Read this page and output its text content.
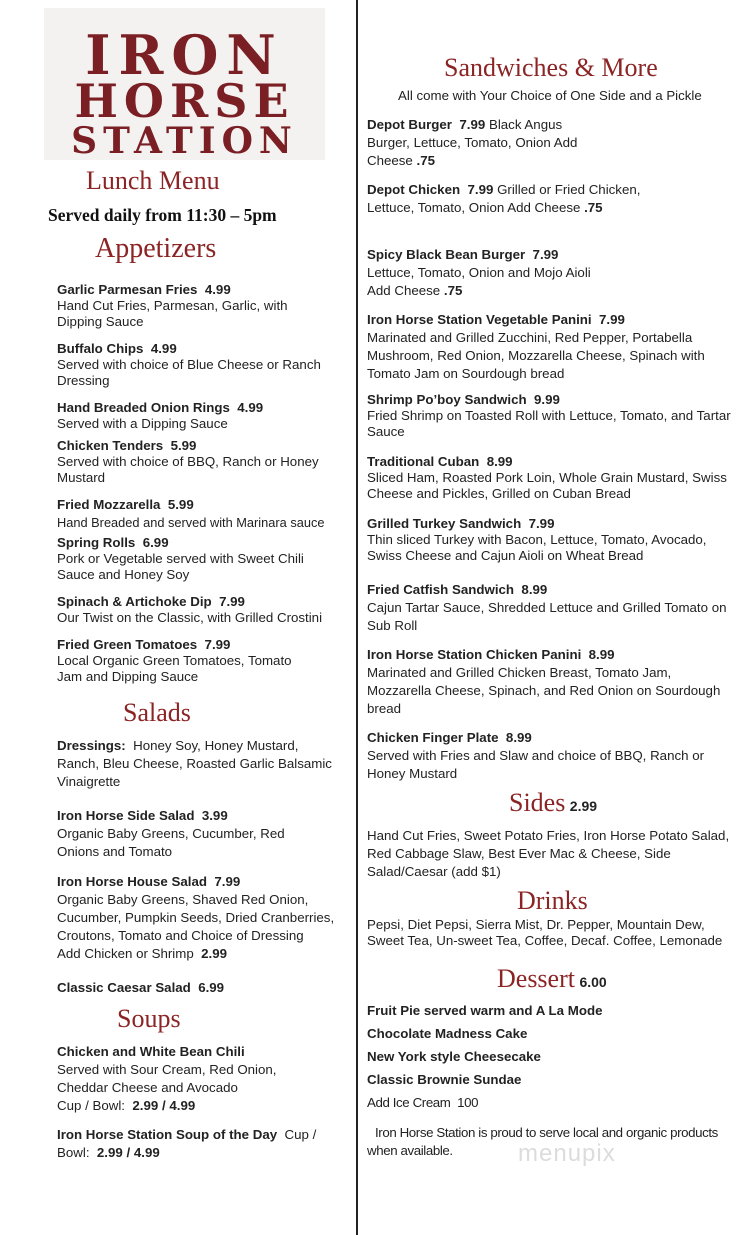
IRON
HORSE
STATION
Lunch Menu
Served daily from 11:30 – 5pm
Appetizers
Garlic Parmesan Fries 4.99
Hand Cut Fries, Parmesan, Garlic, with Dipping Sauce
Buffalo Chips 4.99
Served with choice of Blue Cheese or Ranch Dressing
Hand Breaded Onion Rings 4.99
Served with a Dipping Sauce
Chicken Tenders 5.99
Served with choice of BBQ, Ranch or Honey Mustard
Fried Mozzarella 5.99
Hand Breaded and served with Marinara sauce
Spring Rolls 6.99
Pork or Vegetable served with Sweet Chili Sauce and Honey Soy
Spinach & Artichoke Dip 7.99
Our Twist on the Classic, with Grilled Crostini
Fried Green Tomatoes 7.99
Local Organic Green Tomatoes, Tomato Jam and Dipping Sauce
Salads
Dressings: Honey Soy, Honey Mustard, Ranch, Bleu Cheese, Roasted Garlic Balsamic Vinaigrette
Iron Horse Side Salad 3.99
Organic Baby Greens, Cucumber, Red Onions and Tomato
Iron Horse House Salad 7.99
Organic Baby Greens, Shaved Red Onion, Cucumber, Pumpkin Seeds, Dried Cranberries, Croutons, Tomato and Choice of Dressing
Add Chicken or Shrimp 2.99
Classic Caesar Salad 6.99
Soups
Chicken and White Bean Chili
Served with Sour Cream, Red Onion, Cheddar Cheese and Avocado
Cup / Bowl: 2.99 / 4.99
Iron Horse Station Soup of the Day Cup / Bowl: 2.99 / 4.99
Sandwiches & More
All come with Your Choice of One Side and a Pickle
Depot Burger 7.99 Black Angus Burger, Lettuce, Tomato, Onion Add Cheese .75
Depot Chicken 7.99 Grilled or Fried Chicken, Lettuce, Tomato, Onion Add Cheese .75
Spicy Black Bean Burger 7.99 Lettuce, Tomato, Onion and Mojo Aioli Add Cheese .75
Iron Horse Station Vegetable Panini 7.99
Marinated and Grilled Zucchini, Red Pepper, Portabella Mushroom, Red Onion, Mozzarella Cheese, Spinach with Tomato Jam on Sourdough bread
Shrimp Po’boy Sandwich 9.99
Fried Shrimp on Toasted Roll with Lettuce, Tomato, and Tartar Sauce
Traditional Cuban 8.99
Sliced Ham, Roasted Pork Loin, Whole Grain Mustard, Swiss Cheese and Pickles, Grilled on Cuban Bread
Grilled Turkey Sandwich 7.99
Thin sliced Turkey with Bacon, Lettuce, Tomato, Avocado, Swiss Cheese and Cajun Aioli on Wheat Bread
Fried Catfish Sandwich 8.99
Cajun Tartar Sauce, Shredded Lettuce and Grilled Tomato on Sub Roll
Iron Horse Station Chicken Panini 8.99
Marinated and Grilled Chicken Breast, Tomato Jam, Mozzarella Cheese, Spinach, and Red Onion on Sourdough bread
Chicken Finger Plate 8.99
Served with Fries and Slaw and choice of BBQ, Ranch or Honey Mustard
Sides 2.99
Hand Cut Fries, Sweet Potato Fries, Iron Horse Potato Salad, Red Cabbage Slaw, Best Ever Mac & Cheese, Side Salad/Caesar (add $1)
Drinks
Pepsi, Diet Pepsi, Sierra Mist, Dr. Pepper, Mountain Dew, Sweet Tea, Un-sweet Tea, Coffee, Decaf. Coffee, Lemonade
Dessert 6.00
Fruit Pie served warm and A La Mode
Chocolate Madness Cake
New York style Cheesecake
Classic Brownie Sundae
Add Ice Cream 100
Iron Horse Station is proud to serve local and organic products when available.	menupix
